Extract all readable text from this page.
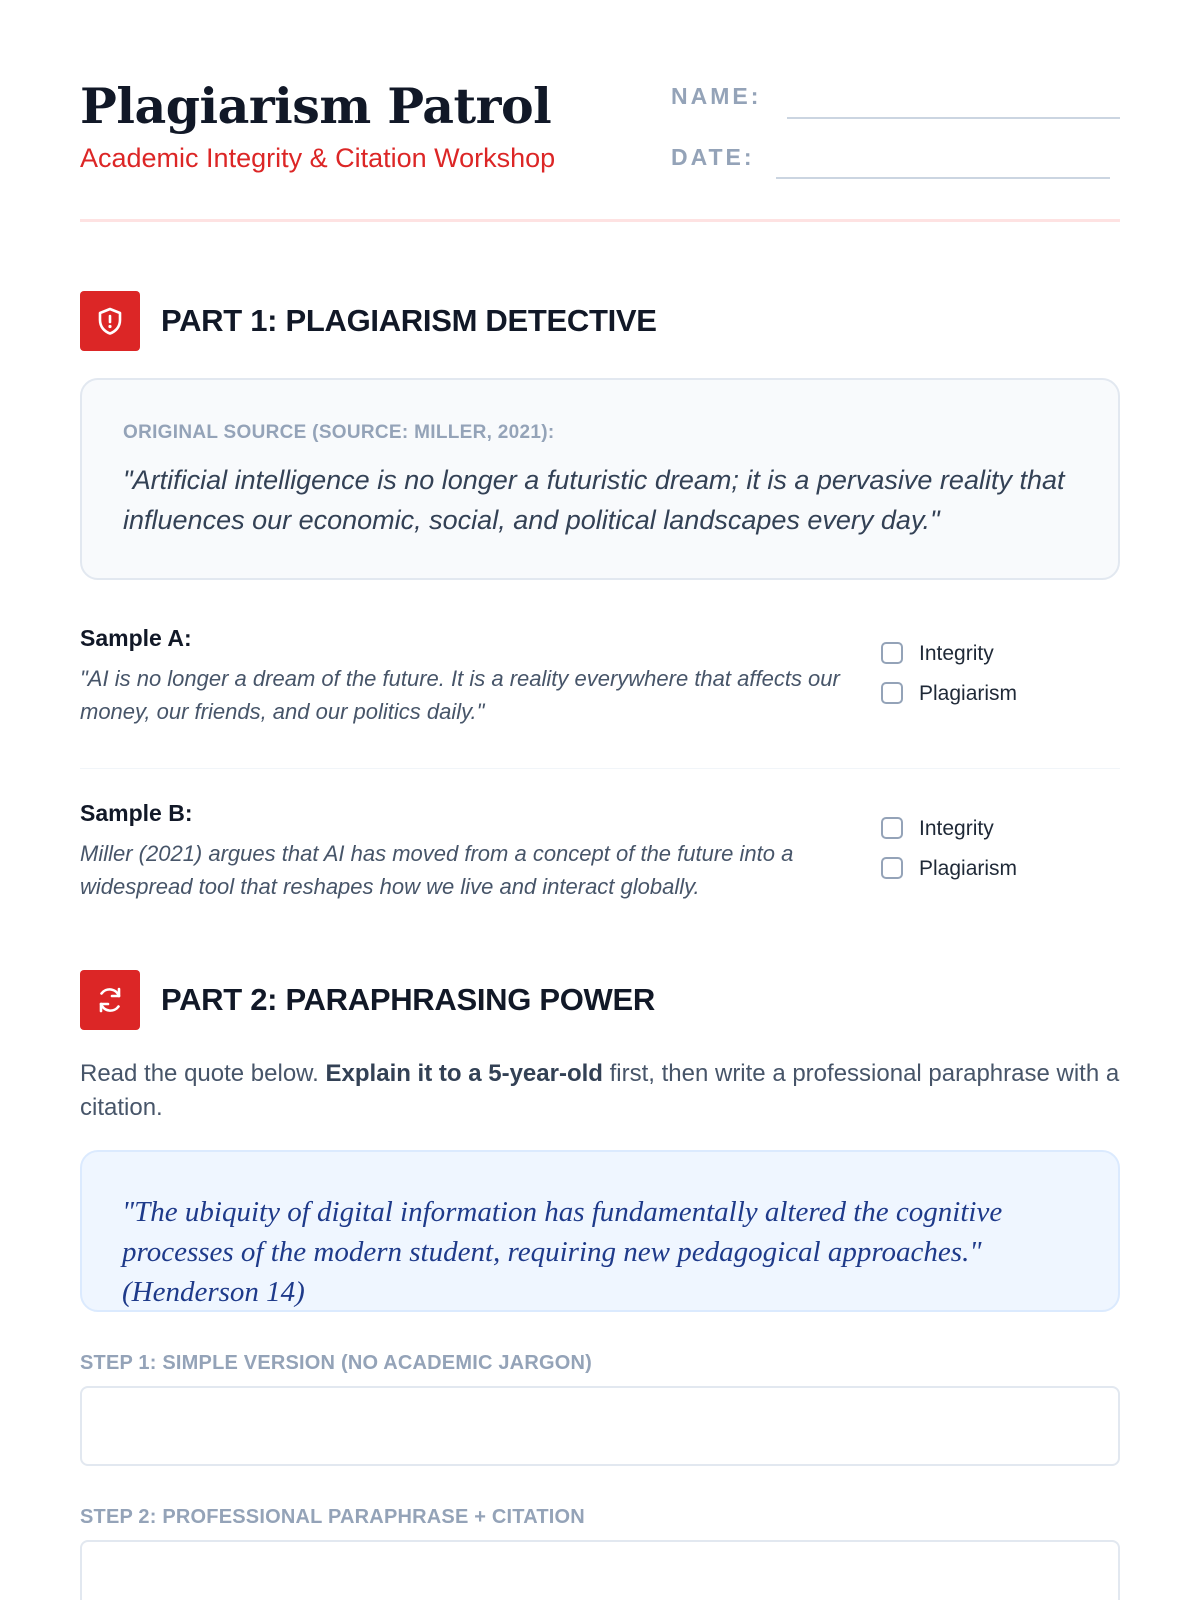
Plagiarism Patrol
Academic Integrity & Citation Workshop
NAME:
DATE:
PART 1: PLAGIARISM DETECTIVE
ORIGINAL SOURCE (SOURCE: MILLER, 2021):
"Artificial intelligence is no longer a futuristic dream; it is a pervasive reality that influences our economic, social, and political landscapes every day."
Sample A:
"AI is no longer a dream of the future. It is a reality everywhere that affects our money, our friends, and our politics daily."
Integrity
Plagiarism
Sample B:
Miller (2021) argues that AI has moved from a concept of the future into a widespread tool that reshapes how we live and interact globally.
Integrity
Plagiarism
PART 2: PARAPHRASING POWER
Read the quote below. Explain it to a 5-year-old first, then write a professional paraphrase with a citation.
"The ubiquity of digital information has fundamentally altered the cognitive processes of the modern student, requiring new pedagogical approaches." (Henderson 14)
STEP 1: SIMPLE VERSION (NO ACADEMIC JARGON)
STEP 2: PROFESSIONAL PARAPHRASE + CITATION
